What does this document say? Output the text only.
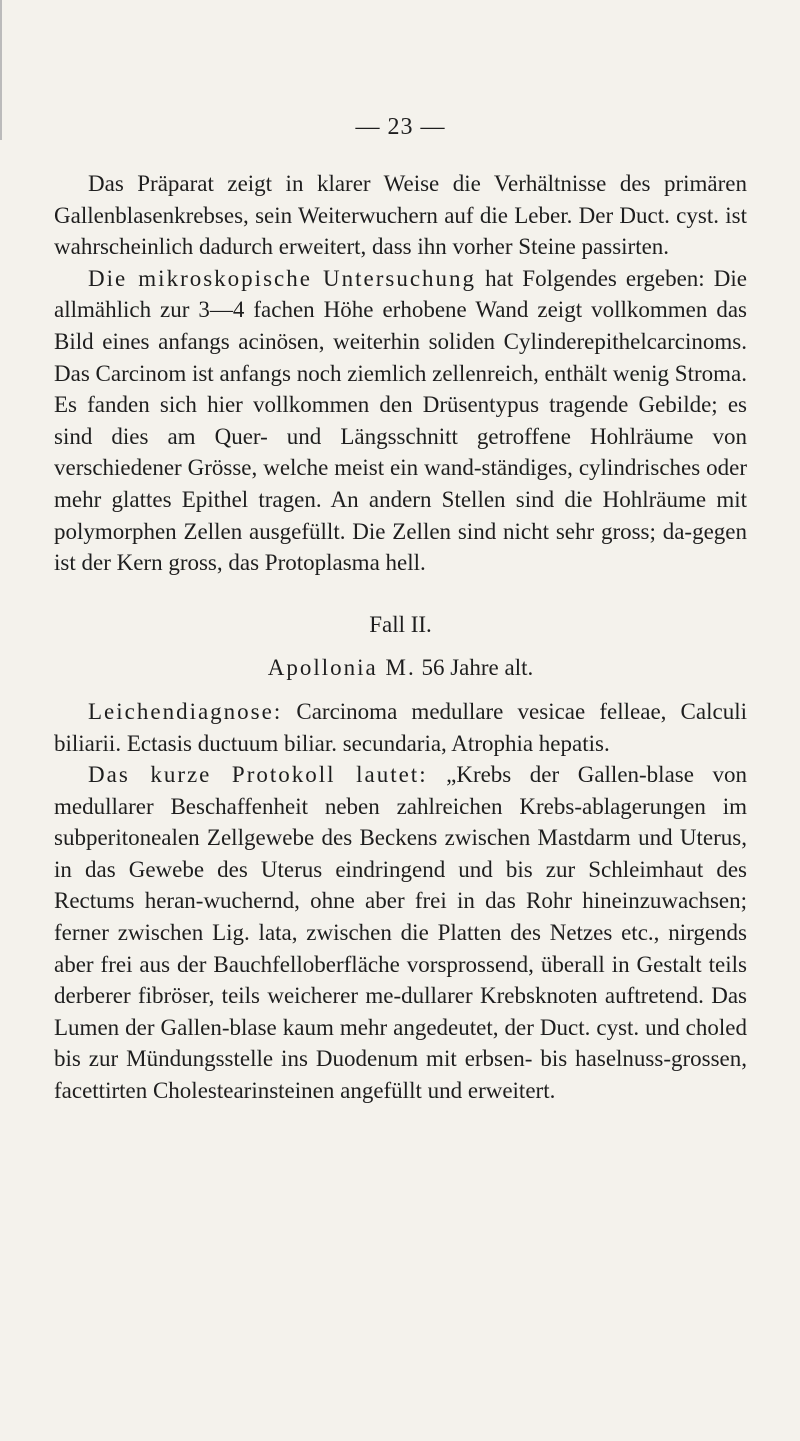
— 23 —

Das Präparat zeigt in klarer Weise die Verhältnisse des primären Gallenblasenkrebses, sein Weiterwuchern auf die Leber. Der Duct. cyst. ist wahrscheinlich dadurch erweitert, dass ihn vorher Steine passirten.

Die mikroskopische Untersuchung hat Folgendes ergeben: Die allmählich zur 3—4 fachen Höhe erhobene Wand zeigt vollkommen das Bild eines anfangs acinösen, weiterhin soliden Cylinderepithelcarcinoms. Das Carcinom ist anfangs noch ziemlich zellenreich, enthält wenig Stroma. Es fanden sich hier vollkommen den Drüsentypus tragende Gebilde; es sind dies am Quer- und Längsschnitt getroffene Hohlräume von verschiedener Grösse, welche meist ein wand-ständiges, cylindrisches oder mehr glattes Epithel tragen. An andern Stellen sind die Hohlräume mit polymorphen Zellen ausgefüllt. Die Zellen sind nicht sehr gross; da-gegen ist der Kern gross, das Protoplasma hell.

Fall II.

Apollonia M. 56 Jahre alt.

Leichendiagnose: Carcinoma medullare vesicae felleae, Calculi biliarii. Ectasis ductuum biliar. secundaria, Atrophia hepatis.

Das kurze Protokoll lautet: „Krebs der Gallen-blase von medullarer Beschaffenheit neben zahlreichen Krebs-ablagerungen im subperitonealen Zellgewebe des Beckens zwischen Mastdarm und Uterus, in das Gewebe des Uterus eindringend und bis zur Schleimhaut des Rectums heran-wuchernd, ohne aber frei in das Rohr hineinzuwachsen; ferner zwischen Lig. lata, zwischen die Platten des Netzes etc., nirgends aber frei aus der Bauchfelloberfläche vorsprossend, überall in Gestalt teils derberer fibröser, teils weicherer me-dullarer Krebsknoten auftretend. Das Lumen der Gallen-blase kaum mehr angedeutet, der Duct. cyst. und choled bis zur Mündungsstelle ins Duodenum mit erbsen- bis haselnuss-grossen, facettirten Cholestearinsteinen angefüllt und erweitert.
